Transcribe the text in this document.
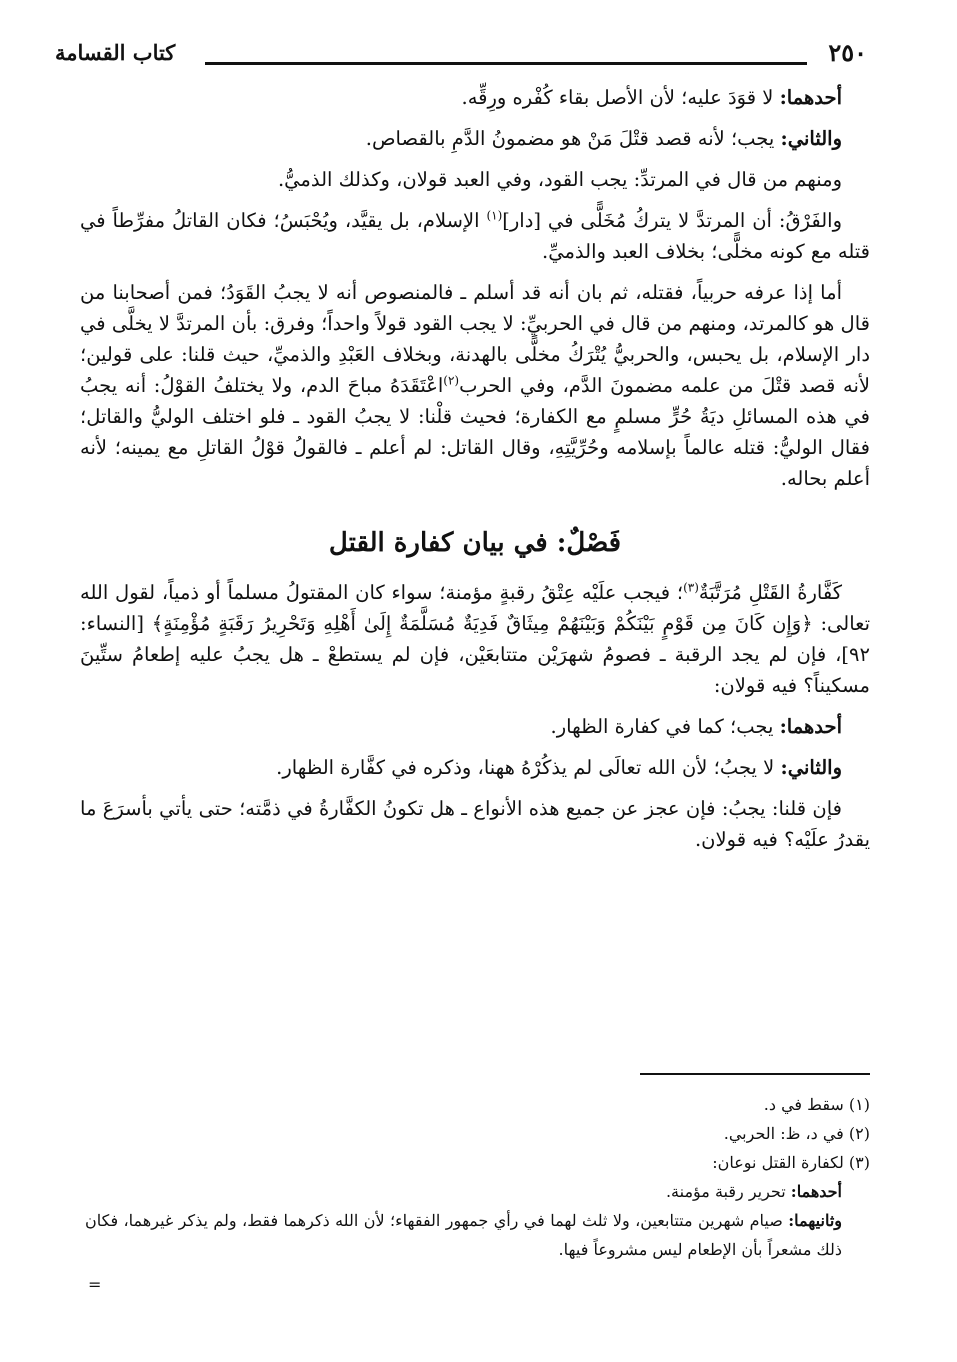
٢٥٠
كتاب القسامة

أحدهما: لا قوَدَ عليه؛ لأن الأصل بقاء كُفْره ورِقِّه.

والثاني: يجب؛ لأنه قصد قتْلَ مَنْ هو مضمونُ الدَّمِ بالقصاص.

ومنهم من قال في المرتدِّ: يجب القود، وفي العبد قولان، وكذلك الذميُّ.

والفَرْقُ: أن المرتدَّ لا يتركُ مُخَلًّى في [دار]$^{(١)}$ الإسلام، بل يقيَّد، ويُحْبَسُ؛ فكان القاتلُ مفرِّطاً في قتله مع كونه مخلًّى؛ بخلاف العبد والذميِّ.

أما إذا عرفه حربياً، فقتله، ثم بان أنه قد أسلم ـ فالمنصوص أنه لا يجبُ القَوَدُ؛ فمن أصحابنا من قال هو كالمرتد، ومنهم من قال في الحربيِّ: لا يجب القود قولاً واحداً؛ وفرق: بأن المرتدَّ لا يخلَّى في دار الإسلام، بل يحبس، والحربيُّ يُتْرَكُ مخلًّى بالهدنة، وبخلاف العَبْدِ والذميِّ، حيث قلنا: على قولين؛ لأنه قصد قتْلَ من علمه مضمونَ الدَّم، وفي الحرب$^{(٢)}$اعْتَقَدَهُ مباحَ الدم، ولا يختلفُ القوْلُ: أنه يجبُ في هذه المسائلِ ديَةُ حُرٍّ مسلمٍ مع الكفارة؛ فحيث قلْنا: لا يجبُ القود ـ فلو اختلف الوليُّ والقاتل؛ فقال الوليُّ: قتله عالماً بإسلامه وحُرِّيَّتِهِ، وقال القاتل: لم أعلم ـ فالقولُ قوْلُ القاتلِ مع يمينه؛ لأنه أعلم بحاله.

فَصْلٌ: في بيان كفارة القتل

كَفَّارةُ القَتْلِ مُرَتَّبَةٌ$^{(٣)}$؛ فيجب علَيْه عِتْقُ رقبةٍ مؤمنة؛ سواء كان المقتولُ مسلماً أو ذمياً، لقول الله تعالى: ﴿وَإِن كَانَ مِن قَوْمٍ بَيْنَكُمْ وَبَيْنَهُمْ مِيثَاقٌ فَدِيَةٌ مُسَلَّمَةٌ إِلَىٰ أَهْلِهِ وَتَحْرِيرُ رَقَبَةٍ مُؤْمِنَةٍ﴾ [النساء: ٩٢]، فإن لم يجد الرقبة ـ فصومُ شهرَيْن متتابعَيْن، فإن لم يستطعْ ـ هل يجبُ عليه إطعامُ ستِّينَ مسكيناً؟ فيه قولان:

أحدهما: يجب؛ كما في كفارة الظهار.

والثاني: لا يجبُ؛ لأن الله تعالَى لم يذكُرْهُ ههنا، وذكره في كفَّارة الظهار.

فإن قلنا: يجبُ: فإن عجز عن جميع هذه الأنواع ـ هل تكونُ الكفَّارةُ في ذمَّته؛ حتى يأتي بأسرَعَ ما يقدرُ علَيْه؟ فيه قولان.

(١) سقط في د.

(٢) في د، ظ: الحربي.

(٣) لكفارة القتل نوعان:

أحدهما: تحرير رقبة مؤمنة.

وثانيهما: صيام شهرين متتابعين، ولا ثلث لهما في رأي جمهور الفقهاء؛ لأن الله ذكرهما فقط، ولم يذكر غيرهما، فكان ذلك مشعراً بأن الإطعام ليس مشروعاً فيها.

=
